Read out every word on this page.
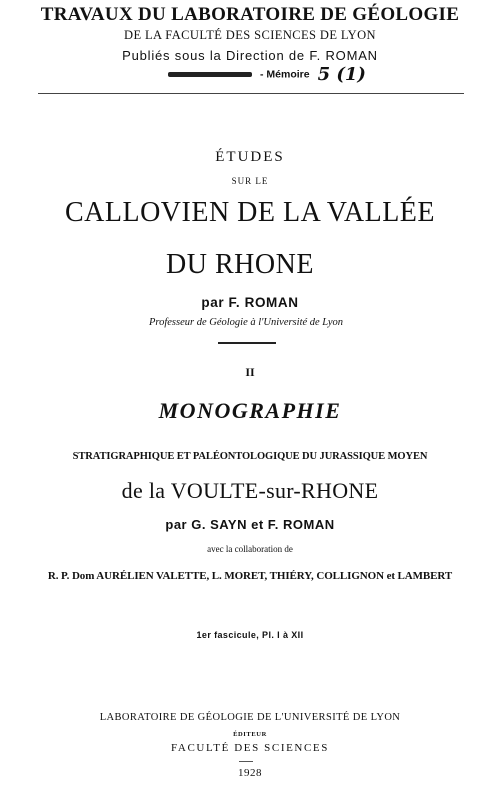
TRAVAUX DU LABORATOIRE DE GÉOLOGIE
DE LA FACULTÉ DES SCIENCES DE LYON
Publiés sous la Direction de F. ROMAN
- Mémoire 5 (1)
ÉTUDES
SUR LE
CALLOVIEN DE LA VALLÉE
DU RHONE
par F. ROMAN
Professeur de Géologie à l'Université de Lyon
II
MONOGRAPHIE
STRATIGRAPHIQUE ET PALÉONTOLOGIQUE DU JURASSIQUE MOYEN
de la VOULTE-sur-RHONE
par G. SAYN et F. ROMAN
avec la collaboration de
R. P. Dom AURÉLIEN VALETTE, L. MORET, THIÉRY, COLLIGNON et LAMBERT
1er fascicule, Pl. I à XII
LABORATOIRE DE GÉOLOGIE DE L'UNIVERSITÉ DE LYON
ÉDITEUR
FACULTÉ DES SCIENCES
1928
